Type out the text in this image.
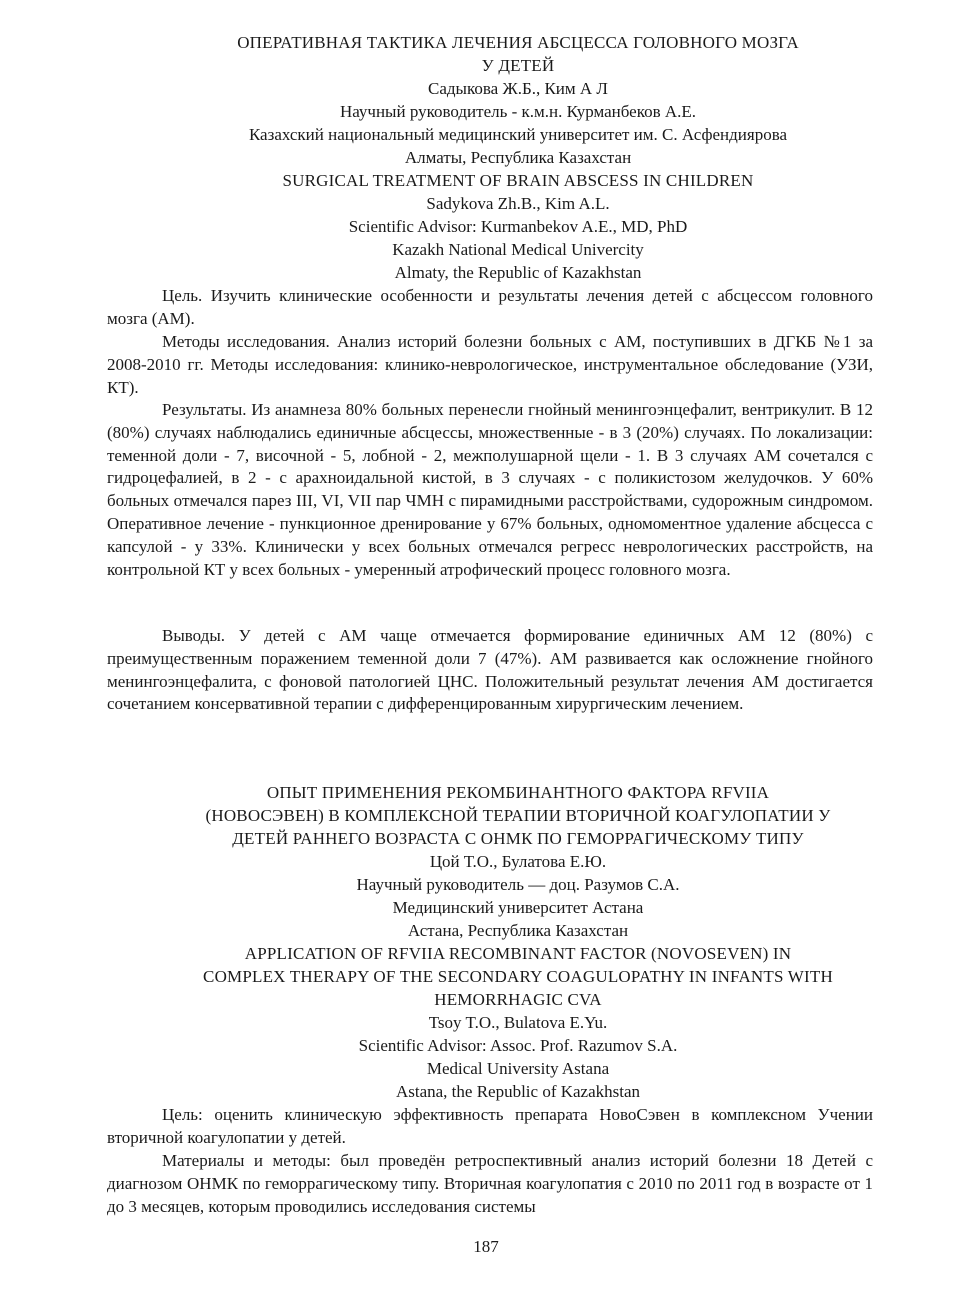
ОПЕРАТИВНАЯ ТАКТИКА ЛЕЧЕНИЯ АБСЦЕССА ГОЛОВНОГО МОЗГА
У ДЕТЕЙ
Садыкова Ж.Б., Ким А Л
Научный руководитель - к.м.н. Курманбеков А.Е.
Казахский национальный медицинский университет им. С. Асфендиярова
Алматы, Республика Казахстан
SURGICAL TREATMENT OF BRAIN ABSCESS IN CHILDREN
Sadykova Zh.B., Kim A.L.
Scientific Advisor: Kurmanbekov A.E., MD, PhD
Kazakh National Medical Univercity
Almaty, the Republic of Kazakhstan

Цель. Изучить клинические особенности и результаты лечения детей с абсцессом головного мозга (АМ).

Методы исследования. Анализ историй болезни больных с АМ, поступивших в ДГКБ №1 за 2008-2010 гг. Методы исследования: клинико-неврологическое, инструментальное обследование (УЗИ, КТ).

Результаты. Из анамнеза 80% больных перенесли гнойный менингоэнцефалит, вентрикулит. В 12 (80%) случаях наблюдались единичные абсцессы, множественные - в 3 (20%) случаях. По локализации: теменной доли - 7, височной - 5, лобной - 2, межполушарной щели - 1. В 3 случаях АМ сочетался с гидроцефалией, в 2 - с арахноидальной кистой, в 3 случаях - с поликистозом желудочков. У 60% больных отмечался парез III, VI, VII пар ЧМН с пирамидными расстройствами, судорожным синдромом. Оперативное лечение - пункционное дренирование у 67% больных, одномоментное удаление абсцесса с капсулой - у 33%. Клинически у всех больных отмечался регресс неврологических расстройств, на контрольной КТ у всех больных - умеренный атрофический процесс головного мозга.

Выводы. У детей с АМ чаще отмечается формирование единичных АМ 12 (80%) с преимущественным поражением теменной доли 7 (47%). АМ развивается как осложнение гнойного менингоэнцефалита, с фоновой патологией ЦНС. Положительный результат лечения АМ достигается сочетанием консервативной терапии с дифференцированным хирургическим лечением.

ОПЫТ ПРИМЕНЕНИЯ РЕКОМБИНАНТНОГО ФАКТОРА RFVIIA
(НОВОСЭВЕН) В КОМПЛЕКСНОЙ ТЕРАПИИ ВТОРИЧНОЙ КОАГУЛОПАТИИ У
ДЕТЕЙ РАННЕГО ВОЗРАСТА С ОНМК ПО ГЕМОРРАГИЧЕСКОМУ ТИПУ
Цой Т.О., Булатова Е.Ю.
Научный руководитель — доц. Разумов С.А.
Медицинский университет Астана
Астана, Республика Казахстан
APPLICATION OF RFVIIA RECOMBINANT FACTOR (NOVOSEVEN) IN
COMPLEX THERAPY OF THE SECONDARY COAGULOPATHY IN INFANTS WITH
HEMORRHAGIC CVA
Tsoy T.O., Bulatova E.Yu.
Scientific Advisor: Assoc. Prof. Razumov S.A.
Medical University Astana
Astana, the Republic of Kazakhstan

Цель: оценить клиническую эффективность препарата НовоСэвен в комплексном Учении вторичной коагулопатии у детей.

Материалы и методы: был проведён ретроспективный анализ историй болезни 18 Детей с диагнозом ОНМК по геморрагическому типу. Вторичная коагулопатия с 2010 по 2011 год в возрасте от 1 до 3 месяцев, которым проводились исследования системы

187
